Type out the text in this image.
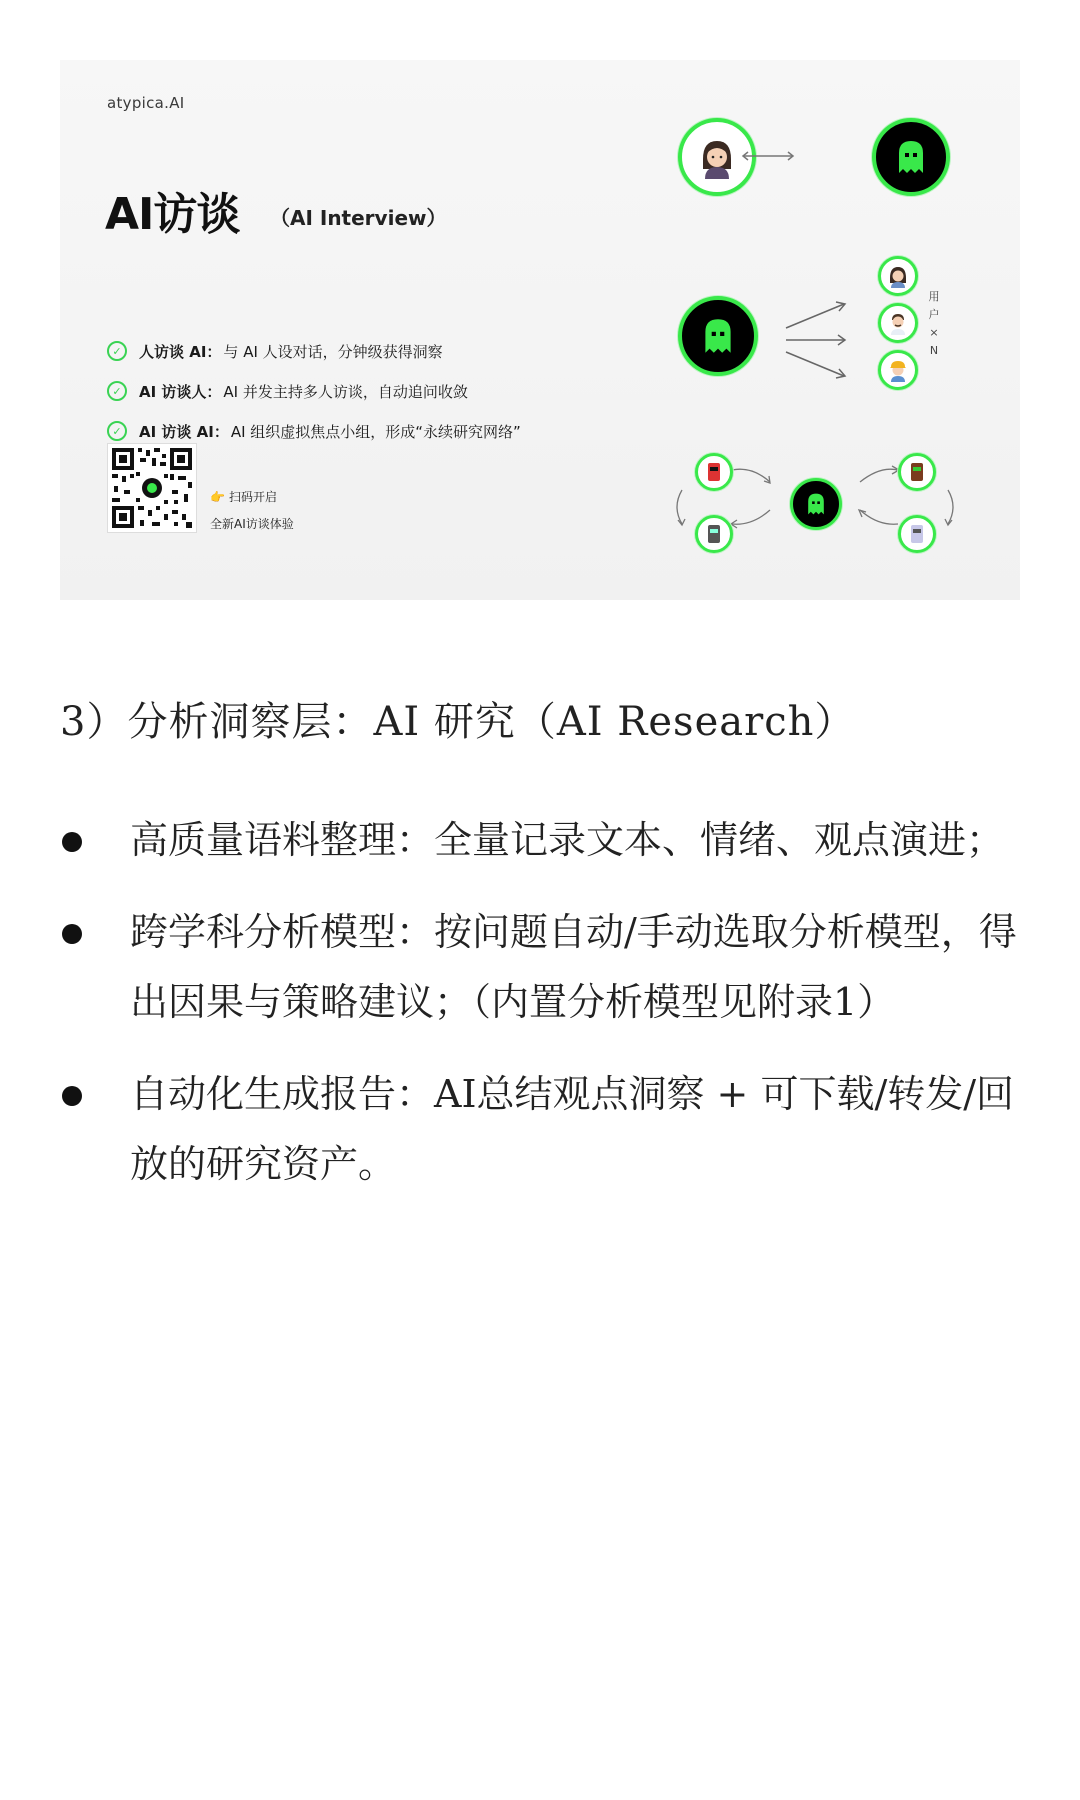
atypica.AI
AI访谈 （AI Interview）
✓	人访谈 AI： 与 AI 人设对话，分钟级获得洞察
✓	AI 访谈人： AI 并发主持多人访谈，自动追问收敛
✓	AI 访谈 AI： AI 组织虚拟焦点小组，形成“永续研究网络”
👉 扫码开启
全新AI访谈体验
用
户
×
N
3）分析洞察层：AI 研究（AI Research）
高质量语料整理：全量记录文本、情绪、观点演进；
跨学科分析模型：按问题自动/手动选取分析模型，得出因果与策略建议；（内置分析模型见附录1）
自动化生成报告：AI总结观点洞察 + 可下载/转发/回放的研究资产。
